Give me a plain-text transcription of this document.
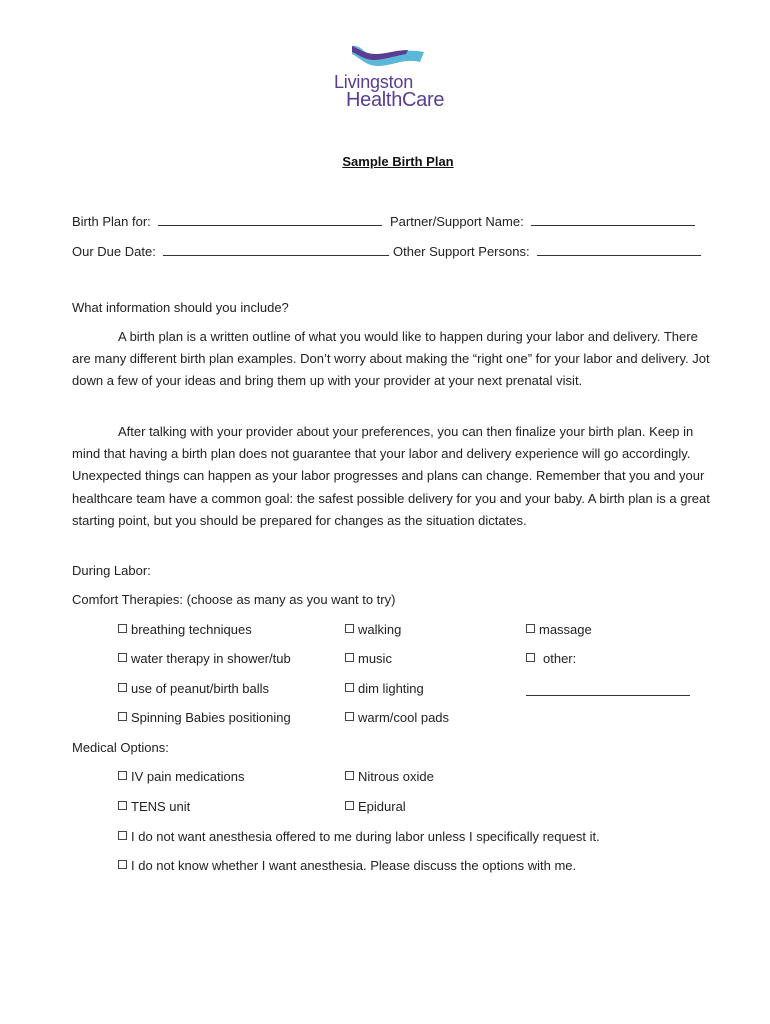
Livingston
HealthCare
Sample Birth Plan
Birth Plan for:	Partner/Support Name:
Our Due Date:	Other Support Persons:
What information should you include?
A birth plan is a written outline of what you would like to happen during your labor and delivery. There are many different birth plan examples. Don’t worry about making the “right one” for your labor and delivery. Jot down a few of your ideas and bring them up with your provider at your next prenatal visit.
After talking with your provider about your preferences, you can then finalize your birth plan. Keep in mind that having a birth plan does not guarantee that your labor and delivery experience will go accordingly. Unexpected things can happen as your labor progresses and plans can change. Remember that you and your healthcare team have a common goal: the safest possible delivery for you and your baby. A birth plan is a great starting point, but you should be prepared for changes as the situation dictates.
During Labor:
Comfort Therapies: (choose as many as you want to try)
breathing techniques	walking	massage
water therapy in shower/tub	music	other:
use of peanut/birth balls	dim lighting
Spinning Babies positioning	warm/cool pads
Medical Options:
IV pain medications	Nitrous oxide
TENS unit	Epidural
I do not want anesthesia offered to me during labor unless I specifically request it.
I do not know whether I want anesthesia. Please discuss the options with me.
